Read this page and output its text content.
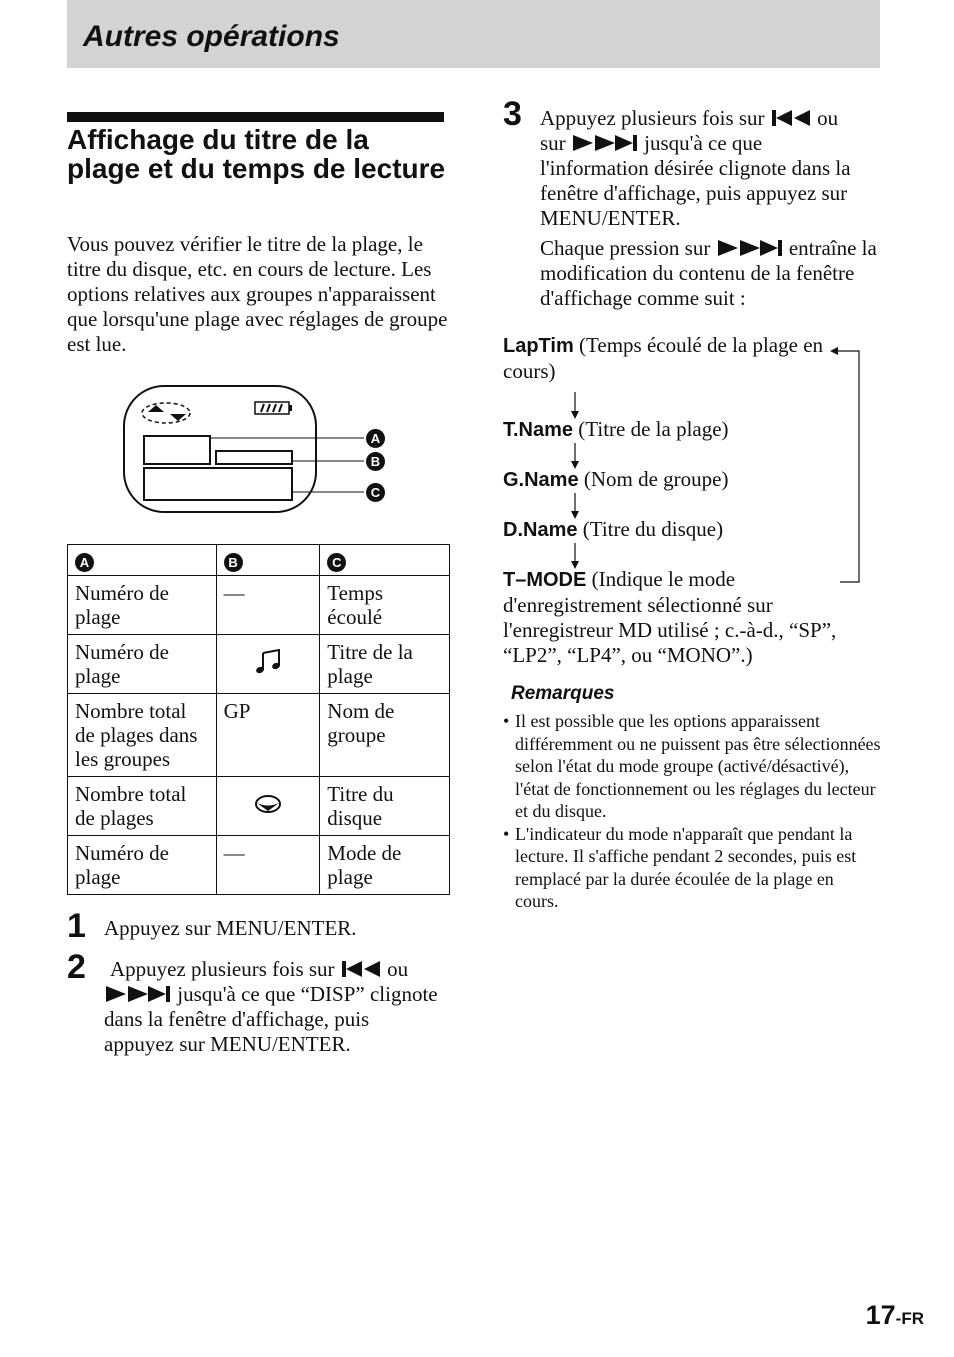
Autres opérations
Affichage du titre de la plage et du temps de lecture

Vous pouvez vérifier le titre de la plage, le titre du disque, etc. en cours de lecture. Les options relatives aux groupes n'apparaissent que lorsqu'une plage avec réglages de groupe est lue.

A
B
C
A	B	C
Numéro de plage	—	Temps écoulé
Numéro de plage		Titre de la plage
Nombre total de plages dans les groupes	GP	Nom de groupe
Nombre total de plages		Titre du disque
Numéro de plage	—	Mode de plage
1 Appuyez sur MENU/ENTER.

2 Appuyez plusieurs fois sur	ou
jusqu'à ce que “DISP” clignote dans la fenêtre d'affichage, puis appuyez sur MENU/ENTER.

3 Appuyez plusieurs fois sur	ou
sur	jusqu'à ce que l'information désirée clignote dans la fenêtre d'affichage, puis appuyez sur MENU/ENTER.

Chaque pression sur	entraîne la modification du contenu de la fenêtre d'affichage comme suit :

LapTim (Temps écoulé de la plage en cours)

T.Name (Titre de la plage)

G.Name (Nom de groupe)

D.Name (Titre du disque)

T–MODE (Indique le mode d'enregistrement sélectionné sur l'enregistreur MD utilisé ; c.-à-d., “SP”, “LP2”, “LP4”, ou “MONO”.)

Remarques
• Il est possible que les options apparaissent différemment ou ne puissent pas être sélectionnées selon l'état du mode groupe (activé/désactivé), l'état de fonctionnement ou les réglages du lecteur et du disque.
• L'indicateur du mode n'apparaît que pendant la lecture. Il s'affiche pendant 2 secondes, puis est remplacé par la durée écoulée de la plage en cours.
17-FR
